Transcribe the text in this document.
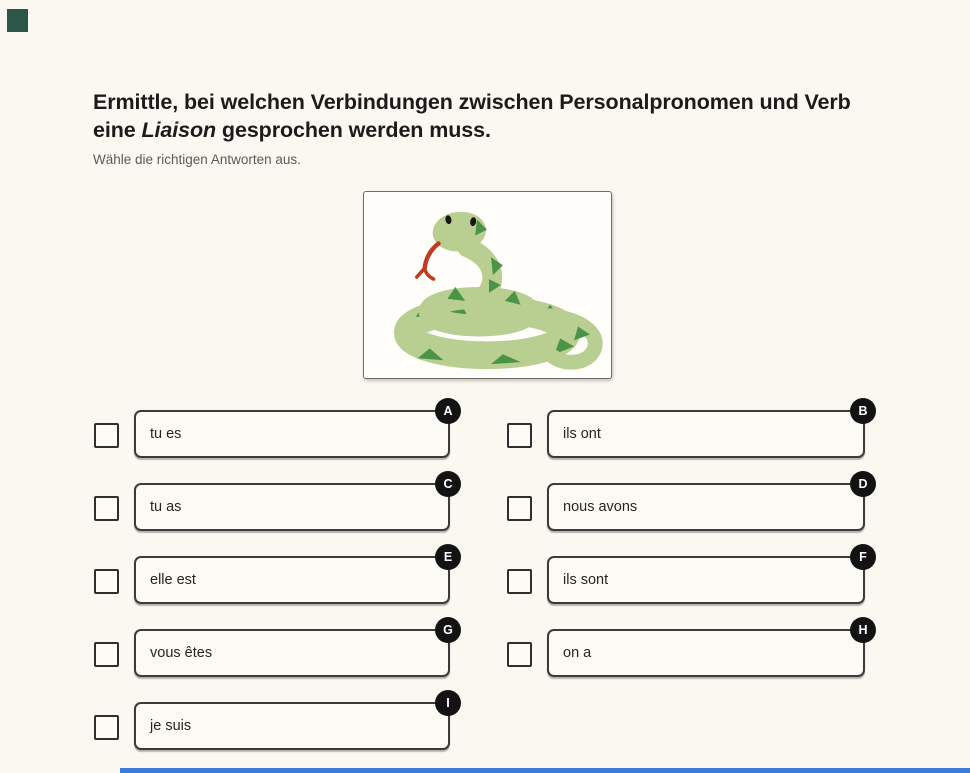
Ermittle, bei welchen Verbindungen zwischen Personalpronomen und Verb eine Liaison gesprochen werden muss.
Wähle die richtigen Antworten aus.
tu es
A
tu as
C
elle est
E
vous êtes
G
je suis
I
ils ont
B
nous avons
D
ils sont
F
on a
H
